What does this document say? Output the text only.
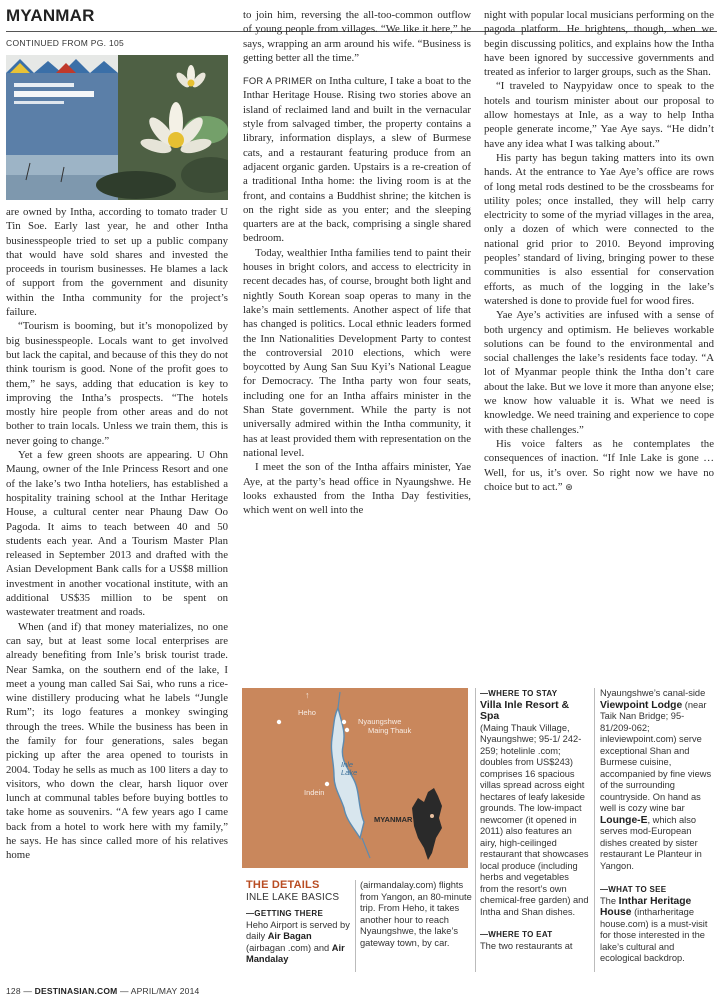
MYANMAR
CONTINUED FROM PG. 105

are owned by Intha, according to tomato trader U Tin Soe. Early last year, he and other Intha businesspeople tried to set up a public company that would have sold shares and invested the proceeds in tourism businesses. He blames a lack of support from the government and disunity within the Intha community for the project’s failure.

“Tourism is booming, but it’s monopolized by big businesspeople. Locals want to get involved but lack the capital, and because of this they do not think tourism is good. None of the profit goes to them,” he says, adding that education is key to improving the Intha’s prospects. “The hotels mostly hire people from other areas and do not bother to train locals. Unless we train them, this is never going to change.”

Yet a few green shoots are appearing. U Ohn Maung, owner of the Inle Princess Resort and one of the lake’s two Intha hoteliers, has established a hospitality training school at the Inthar Heritage House, a cultural center near Phaung Daw Oo Pagoda. It aims to teach between 40 and 50 students each year. And a Tourism Master Plan released in September 2013 and drafted with the Asian Development Bank calls for a US$8 million investment in another vocational institute, with an additional US$35 million to be spent on wastewater treatment and roads.

When (and if) that money materializes, no one can say, but at least some local enterprises are already benefiting from Inle’s brisk tourist trade. Near Samka, on the southern end of the lake, I meet a young man called Sai Sai, who runs a rice-wine distillery producing what he labels “Jungle Rum”; its logo features a monkey swinging through the trees. While the business has been in the family for four generations, sales began picking up after the area opened to tourists in 2004. Today he sells as much as 100 liters a day to visitors, who down the clear, harsh liquor over lunch at communal tables before buying bottles to take home as souvenirs. “A few years ago I came back from a hotel to work here with my family,” he says. He has since called more of his relatives home

to join him, reversing the all-too-common outflow of young people from villages. “We like it here,” he says, wrapping an arm around his wife. “Business is getting better all the time.”

FOR A PRIMER on Intha culture, I take a boat to the Inthar Heritage House. Rising two stories above an island of reclaimed land and built in the vernacular style from salvaged timber, the property contains a library, information displays, a slew of Burmese cats, and a restaurant featuring produce from an adjacent organic garden. Upstairs is a re-creation of a traditional Intha home: the living room is at the front, and contains a Buddhist shrine; the kitchen is on the right side as you enter; and the sleeping quarters are at the back, comprising a single shared bedroom.

Today, wealthier Intha families tend to paint their houses in bright colors, and access to electricity in recent decades has, of course, brought both light and nightly South Korean soap operas to many in the lake’s main settlements. Another aspect of life that has changed is politics. Local ethnic leaders formed the Inn Nationalities Development Party to contest the controversial 2010 elections, which were boycotted by Aung San Suu Kyi’s National League for Democracy. The Intha party won four seats, including one for an Intha affairs minister in the Shan State government. While the party is not universally admired within the Intha community, it has at least provided them with representation on the national level.

I meet the son of the Intha affairs minister, Yae Aye, at the party’s head office in Nyaungshwe. He looks exhausted from the Intha Day festivities, which went on well into the

night with popular local musicians performing on the pagoda platform. He brightens, though, when we begin discussing politics, and explains how the Intha have been ignored by successive governments and treated as inferior to larger groups, such as the Shan.

“I traveled to Naypyidaw once to speak to the hotels and tourism minister about our proposal to allow homestays at Inle, as a way to help Intha people generate income,” Yae Aye says. “He didn’t have any idea what I was talking about.”

His party has begun taking matters into its own hands. At the entrance to Yae Aye’s office are rows of long metal rods destined to be the crossbeams for utility poles; once installed, they will help carry electricity to some of the myriad villages in the area, only a dozen of which were connected to the national grid prior to 2010. Beyond improving peoples’ standard of living, bringing power to these communities is also essential for conservation efforts, as much of the logging in the lake’s watershed is done to provide fuel for wood fires.

Yae Aye’s activities are infused with a sense of both urgency and optimism. He believes workable solutions can be found to the environmental and social challenges the lake’s residents face today. “A lot of Myanmar people think the Intha don’t care about the lake. But we love it more than anyone else; we know how valuable it is. What we need is knowledge. We need training and experience to cope with these challenges.”

His voice falters as he contemplates the consequences of inaction. “If Inle Lake is gone … Well, for us, it’s over. So right now we have no choice but to act.” ⊛

↑
Heho
Nyaungshwe
Maing Thauk
Inle Lake
Indein
MYANMAR
THE DETAILS
INLE LAKE BASICS
—GETTING THERE
Heho Airport is served by daily Air Bagan (airbagan .com) and Air Mandalay
(airmandalay.com) flights from Yangon, an 80-minute trip. From Heho, it takes another hour to reach Nyaungshwe, the lake’s gateway town, by car.
—WHERE TO STAY
Villa Inle Resort & Spa
(Maing Thauk Village, Nyaungshwe; 95-1/ 242-259; hotelinle .com; doubles from US$243) comprises 16 spacious villas spread across eight hectares of leafy lakeside grounds. The low-impact newcomer (it opened in 2011) also features an airy, high-ceilinged restaurant that showcases local produce (including herbs and vegetables from the resort’s own chemical-free garden) and Intha and Shan dishes.
—WHERE TO EAT
The two restaurants at
Nyaungshwe’s canal-side Viewpoint Lodge (near Taik Nan Bridge; 95-81/209-062; inleviewpoint.com) serve exceptional Shan and Burmese cuisine, accompanied by fine views of the surrounding countryside. On hand as well is cozy wine bar Lounge-E, which also serves mod-European dishes created by sister restaurant Le Planteur in Yangon.
—WHAT TO SEE
The Inthar Heritage House (intharheritage house.com) is a must-visit for those interested in the lake’s cultural and ecological backdrop.
128 — DESTINASIAN.COM — APRIL/MAY 2014
